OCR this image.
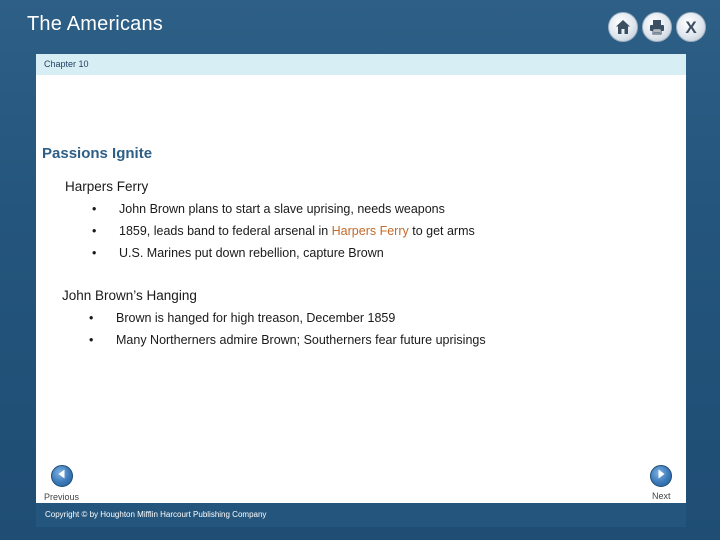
The Americans	X
Chapter 10
Passions Ignite
Harpers Ferry
• John Brown plans to start a slave uprising, needs weapons
• 1859, leads band to federal arsenal in Harpers Ferry to get arms
• U.S. Marines put down rebellion, capture Brown
John Brown’s Hanging
• Brown is hanged for high treason, December 1859
• Many Northerners admire Brown; Southerners fear future uprisings
Previous	Next
Copyright © by Houghton Mifflin Harcourt Publishing Company
